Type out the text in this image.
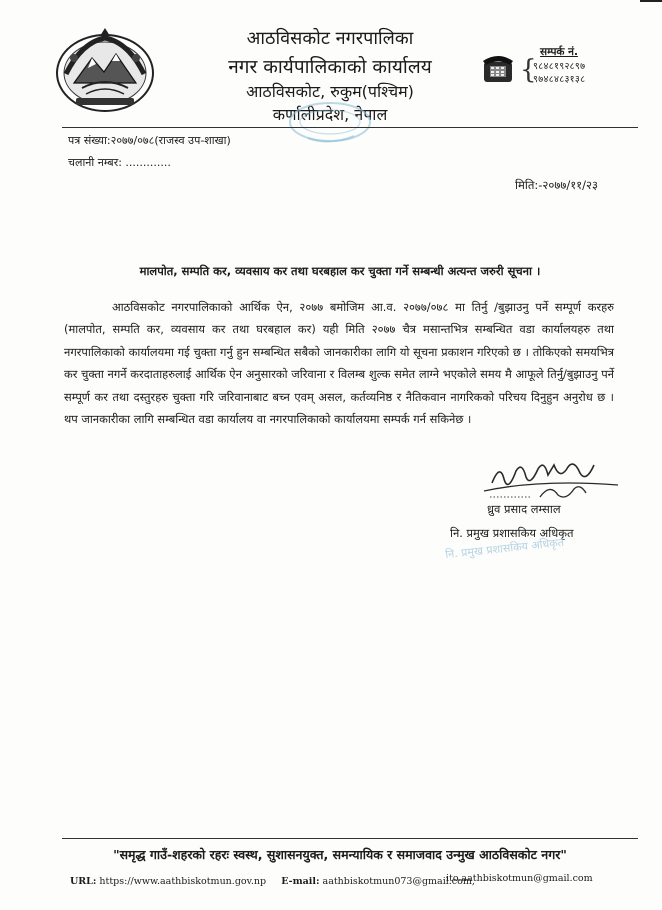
आठविसकोट नगरपालिका
नगर कार्यपालिकाको कार्यालय
आठविसकोट, रुकुम(पश्चिम)
कर्णालीप्रदेश, नेपाल
सम्पर्क नं.
{
९८४८१९२८९७
९७४८४८३१३८
पत्र संख्या:२०७७/०७८(राजस्व उप-शाखा)
चलानी नम्बर: .............
मिति:-२०७७/११/२३
मालपोत, सम्पति कर, व्यवसाय कर तथा घरबहाल कर चुक्ता गर्ने सम्बन्धी अत्यन्त जरुरी सूचना ।
आठविसकोट नगरपालिकाको आर्थिक ऐन, २०७७ बमोजिम आ.व. २०७७/०७८ मा तिर्नु /बुझाउनु पर्ने सम्पूर्ण करहरु (मालपोत, सम्पति कर, व्यवसाय कर तथा घरबहाल कर) यही मिति २०७७ चैत्र मसान्तभित्र सम्बन्धित वडा कार्यालयहरु तथा नगरपालिकाको कार्यालयमा गई चुक्ता गर्नु हुन सम्बन्धित सबैको जानकारीका लागि यो सूचना प्रकाशन गरिएको छ । तोकिएको समयभित्र कर चुक्ता नगर्ने करदाताहरुलाई आर्थिक ऐन अनुसारको जरिवाना र विलम्ब शुल्क समेत लाग्ने भएकोले समय मै आफूले तिर्नु/बुझाउनु पर्ने सम्पूर्ण कर तथा दस्तुरहरु चुक्ता गरि जरिवानाबाट बच्न एवम् असल, कर्तव्यनिष्ठ र नैतिकवान नागरिकको परिचय दिनुहुन अनुरोध छ । थप जानकारीका लागि सम्बन्धित वडा कार्यालय वा नगरपालिकाको कार्यालयमा सम्पर्क गर्न सकिनेछ ।
ध्रुव प्रसाद लम्साल
नि. प्रमुख प्रशासकिय अधिकृत
नि. प्रमुख प्रशासकिय अधिकृत
"समृद्ध गाउँ-शहरको रहरः स्वस्थ, सुशासनयुक्त, समन्यायिक र समाजवाद उन्मुख आठविसकोट नगर"
URL: https://www.aathbiskotmun.gov.np E-mail: aathbiskotmun073@gmail.com,
ito.aathbiskotmun@gmail.com
